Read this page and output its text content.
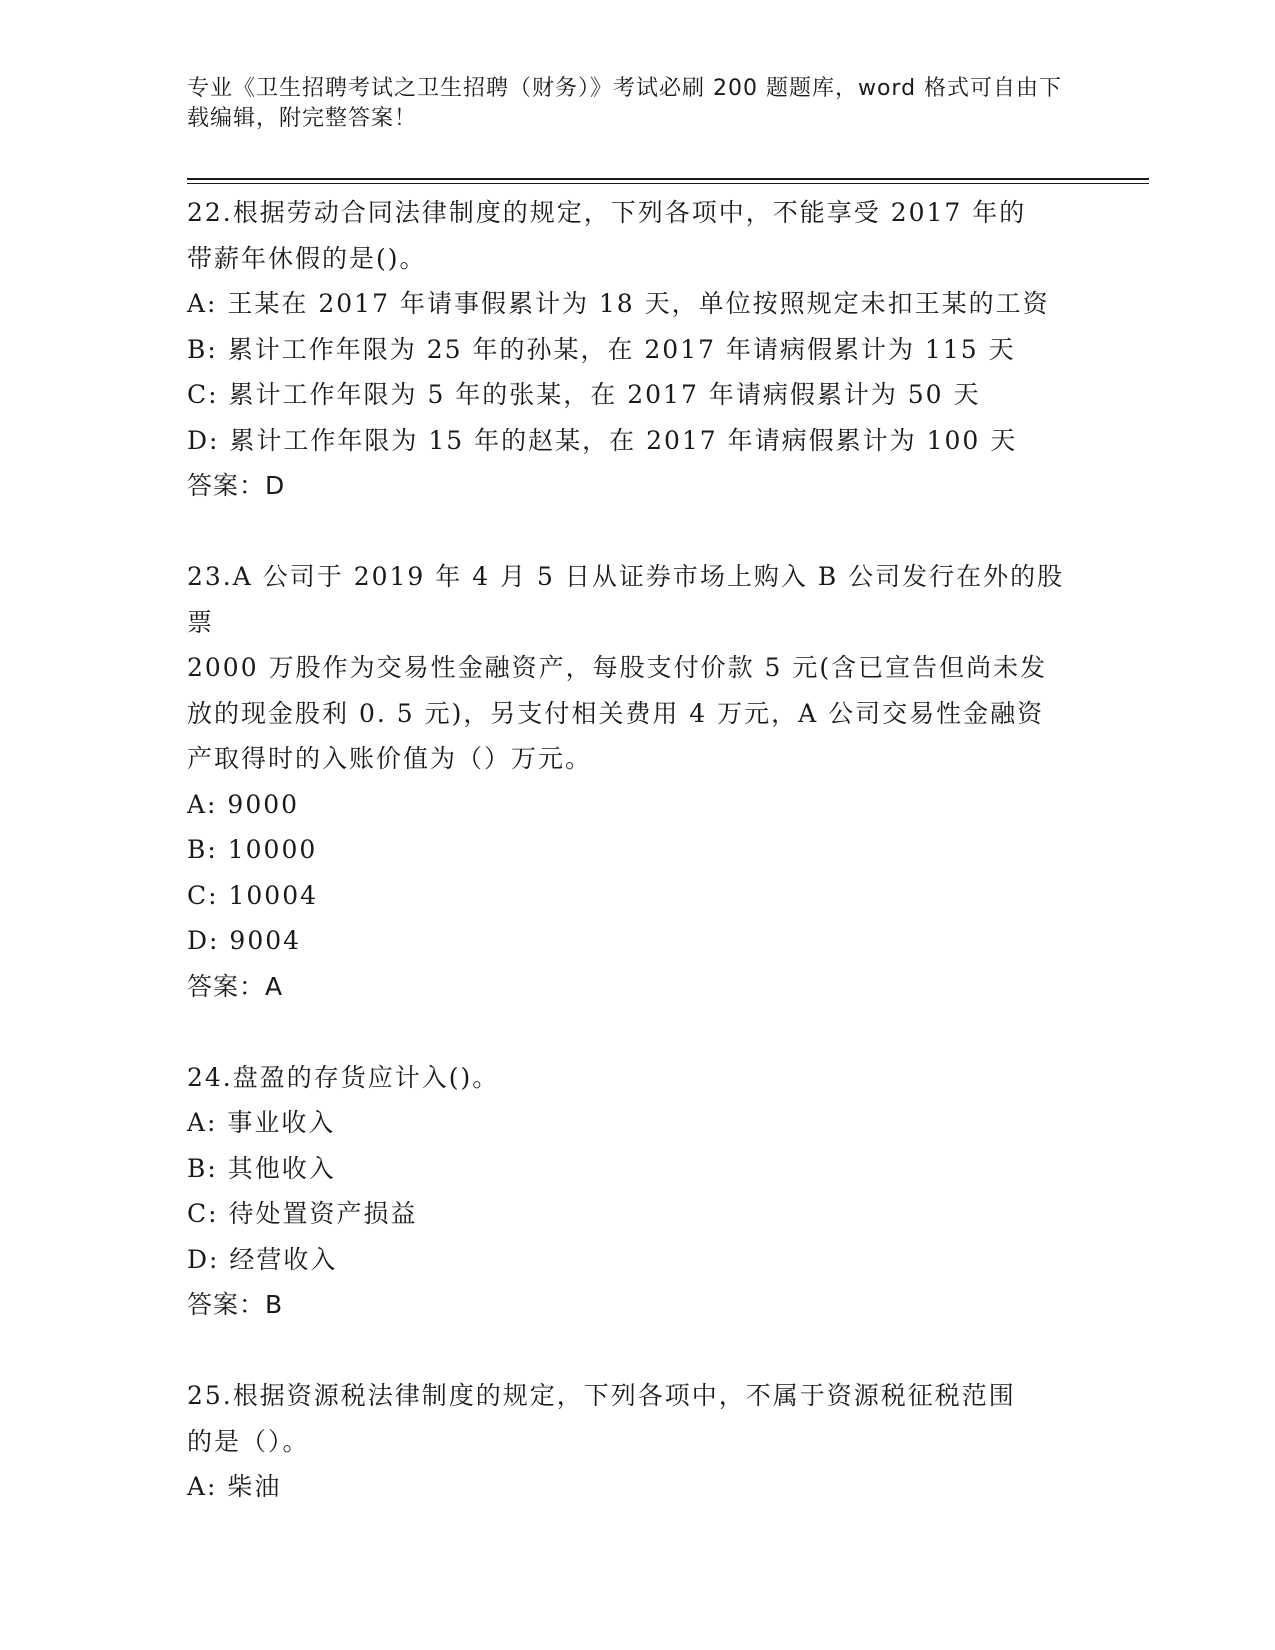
专业《卫生招聘考试之卫生招聘（财务）》考试必刷 200 题题库，word 格式可自由下载编辑，附完整答案！
22.根据劳动合同法律制度的规定，下列各项中，不能享受 2017 年的
带薪年休假的是()。
A: 王某在 2017 年请事假累计为 18 天，单位按照规定未扣王某的工资
B: 累计工作年限为 25 年的孙某，在 2017 年请病假累计为 115 天
C: 累计工作年限为 5 年的张某，在 2017 年请病假累计为 50 天
D: 累计工作年限为 15 年的赵某，在 2017 年请病假累计为 100 天
答案：D
23.A 公司于 2019 年 4 月 5 日从证券市场上购入 B 公司发行在外的股票
2000 万股作为交易性金融资产，每股支付价款 5 元(含已宣告但尚未发
放的现金股利 0. 5 元)，另支付相关费用 4 万元，A 公司交易性金融资
产取得时的入账价值为（）万元。
A: 9000
B: 10000
C: 10004
D: 9004
答案：A
24.盘盈的存货应计入()。
A: 事业收入
B: 其他收入
C: 待处置资产损益
D: 经营收入
答案：B
25.根据资源税法律制度的规定，下列各项中，不属于资源税征税范围
的是（）。
A: 柴油
